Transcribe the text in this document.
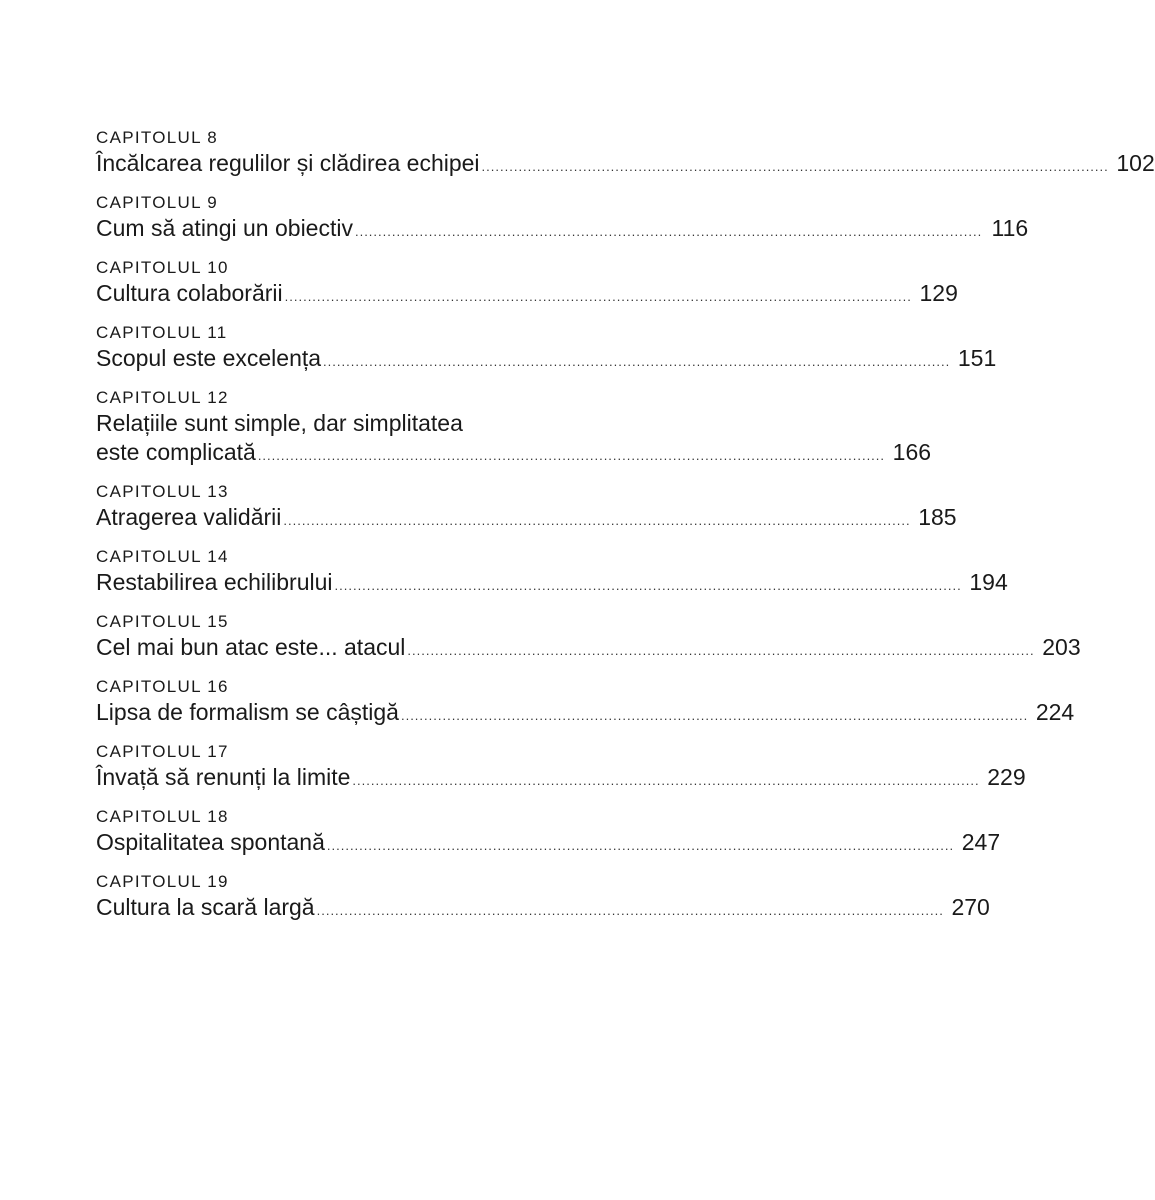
CAPITOLUL 8
Încălcarea regulilor și clădirea echipei ........................................................................................................................................ 102
CAPITOLUL 9
Cum să atingi un obiectiv ........................................................................................................................................ 116
CAPITOLUL 10
Cultura colaborării ........................................................................................................................................ 129
CAPITOLUL 11
Scopul este excelența ........................................................................................................................................ 151
CAPITOLUL 12
Relațiile sunt simple, dar simplitatea
este complicată ........................................................................................................................................ 166
CAPITOLUL 13
Atragerea validării ........................................................................................................................................ 185
CAPITOLUL 14
Restabilirea echilibrului ........................................................................................................................................ 194
CAPITOLUL 15
Cel mai bun atac este... atacul ........................................................................................................................................ 203
CAPITOLUL 16
Lipsa de formalism se câștigă ........................................................................................................................................ 224
CAPITOLUL 17
Învață să renunți la limite ........................................................................................................................................ 229
CAPITOLUL 18
Ospitalitatea spontană ........................................................................................................................................ 247
CAPITOLUL 19
Cultura la scară largă ........................................................................................................................................ 270
